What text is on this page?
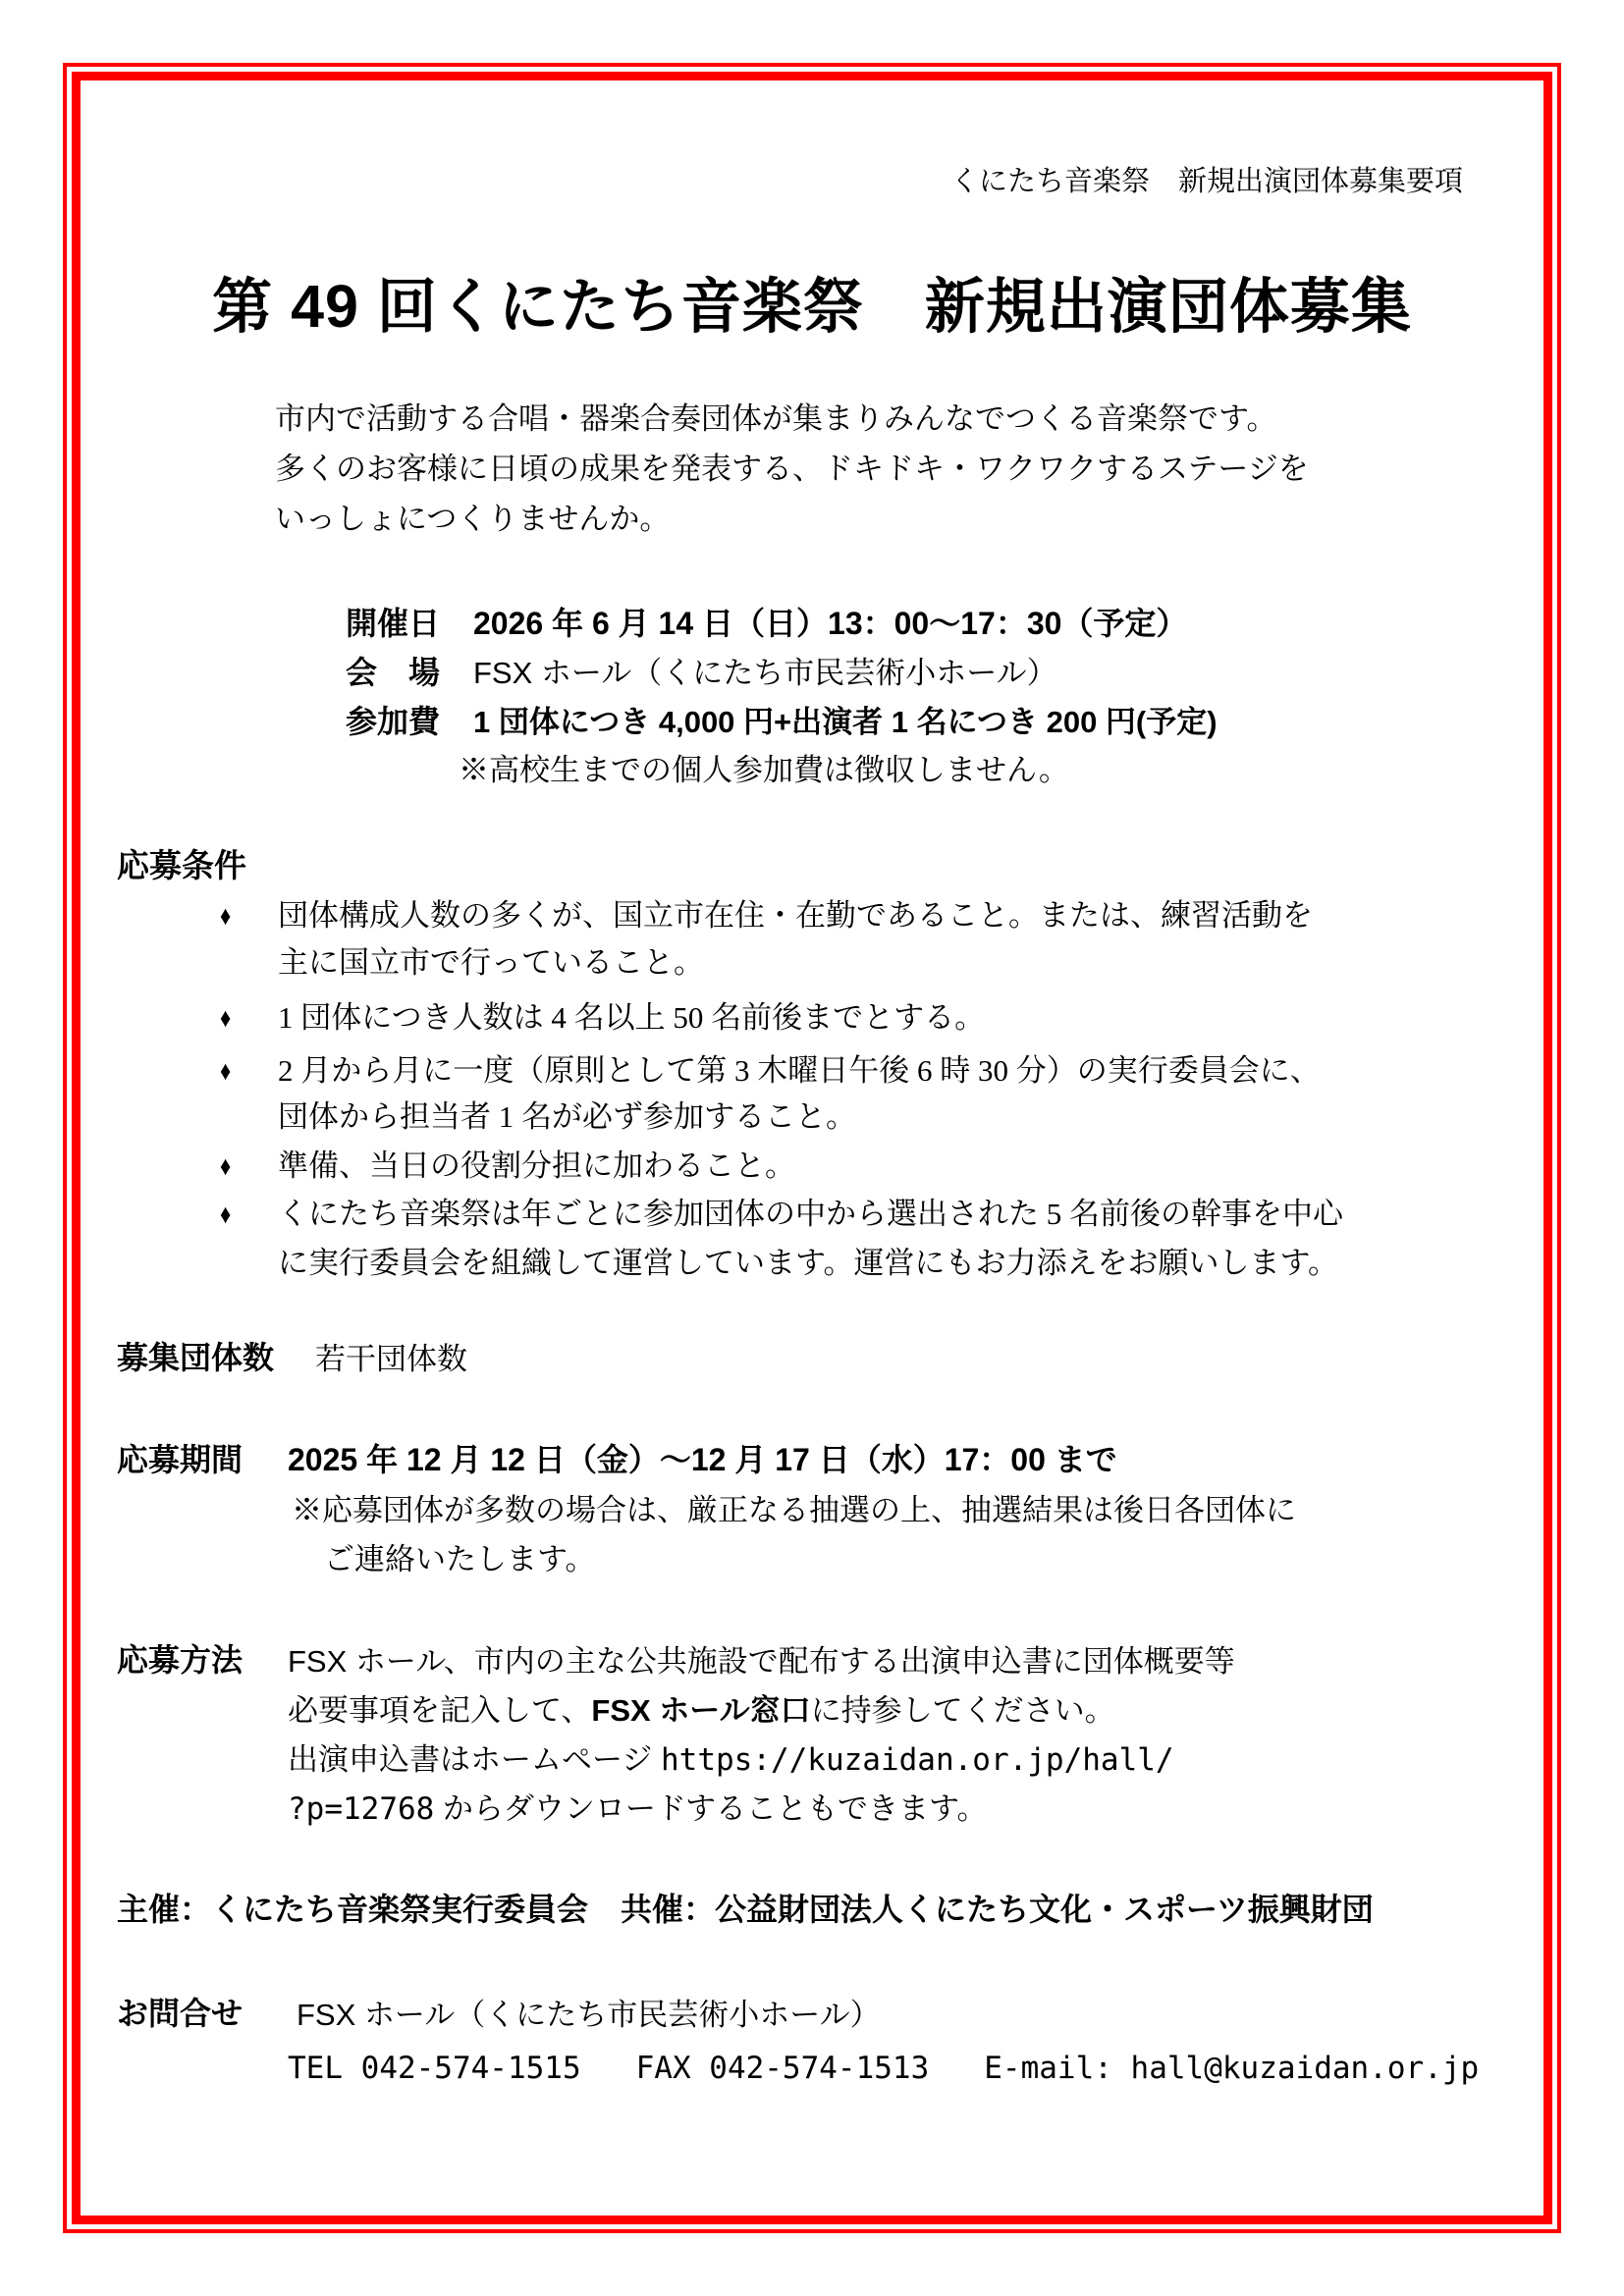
くにたち音楽祭　新規出演団体募集要項
第 49 回くにたち音楽祭　新規出演団体募集
市内で活動する合唱・器楽合奏団体が集まりみんなでつくる音楽祭です。
多くのお客様に日頃の成果を発表する、ドキドキ・ワクワクするステージを
いっしょにつくりませんか。
開催日 2026 年 6 月 14 日（日）13：00～17：30（予定）
会　場 FSX ホール（くにたち市民芸術小ホール）
参加費 1 団体につき 4,000 円+出演者 1 名につき 200 円(予定)
※高校生までの個人参加費は徴収しません。
応募条件
♦ 団体構成人数の多くが、国立市在住・在勤であること。または、練習活動を
主に国立市で行っていること。
♦ 1 団体につき人数は 4 名以上 50 名前後までとする。
♦ 2 月から月に一度（原則として第 3 木曜日午後 6 時 30 分）の実行委員会に、
団体から担当者 1 名が必ず参加すること。
♦ 準備、当日の役割分担に加わること。
♦ くにたち音楽祭は年ごとに参加団体の中から選出された 5 名前後の幹事を中心
に実行委員会を組織して運営しています。運営にもお力添えをお願いします。
募集団体数 若干団体数
応募期間 2025 年 12 月 12 日（金）～12 月 17 日（水）17：00 まで
※応募団体が多数の場合は、厳正なる抽選の上、抽選結果は後日各団体に
ご連絡いたします。
応募方法 FSX ホール、市内の主な公共施設で配布する出演申込書に団体概要等
必要事項を記入して、FSX ホール窓口に持参してください。
出演申込書はホームページ https://kuzaidan.or.jp/hall/
?p=12768 からダウンロードすることもできます。
主催：くにたち音楽祭実行委員会 共催：公益財団法人くにたち文化・スポーツ振興財団
お問合せ FSX ホール（くにたち市民芸術小ホール）
TEL 042-574-1515 FAX 042-574-1513 E-mail: hall@kuzaidan.or.jp
